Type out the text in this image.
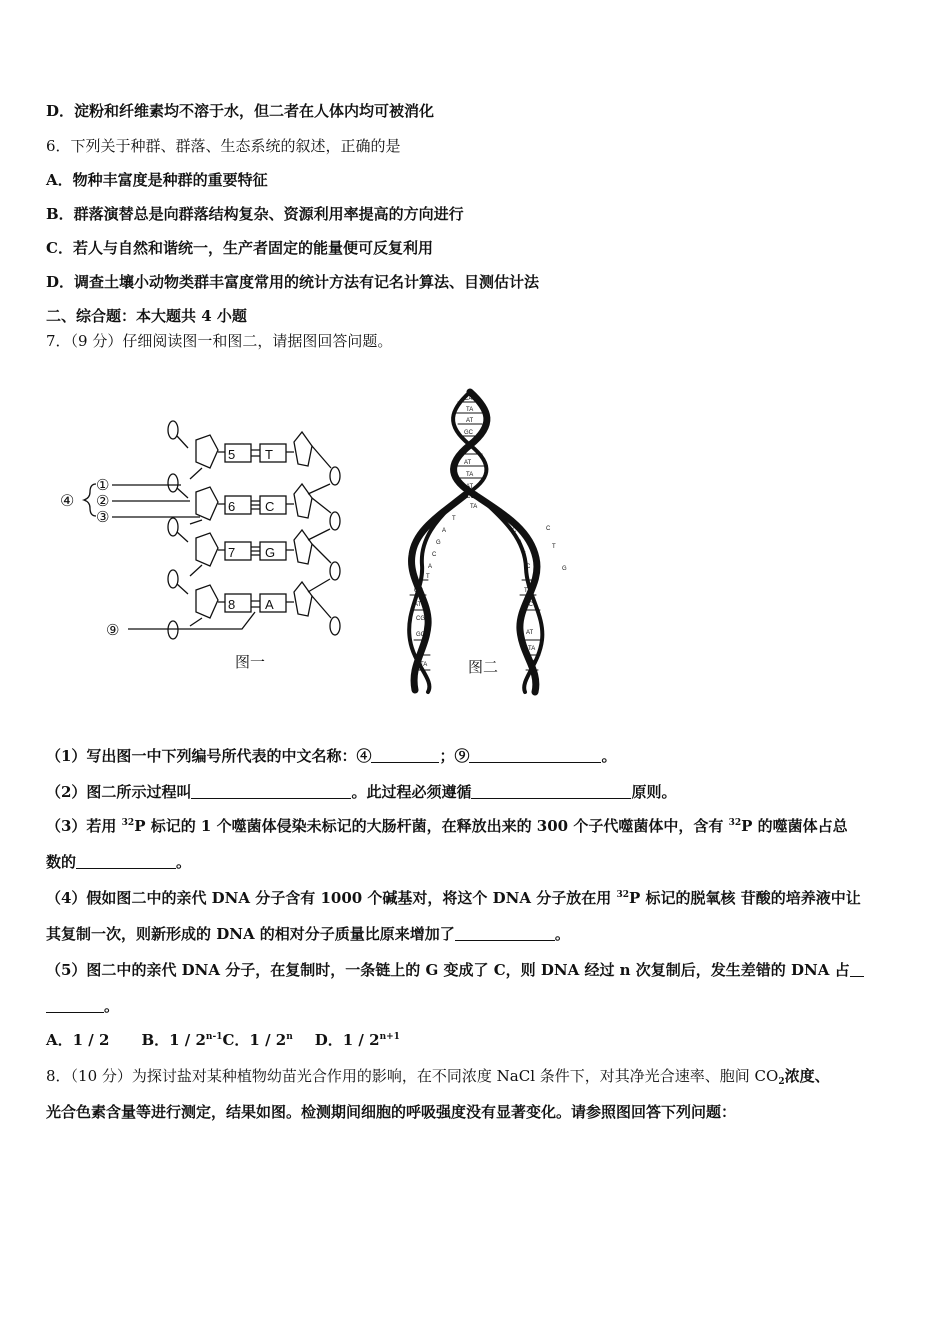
D．淀粉和纤维素均不溶于水，但二者在人体内均可被消化
6．下列关于种群、群落、生态系统的叙述，正确的是
A．物种丰富度是种群的重要特征
B．群落演替总是向群落结构复杂、资源利用率提高的方向进行
C．若人与自然和谐统一，生产者固定的能量便可反复利用
D．调查土壤小动物类群丰富度常用的统计方法有记名计算法、目测估计法
二、综合题：本大题共 4 小题
7．（9 分）仔细阅读图一和图二，请据图回答问题。
5
6
7
8
T
C
G
A
④
①
②
③
⑨
图一
CA
TA
AT
GC
AT
TA
AT
CG
TA
T
A
G
C
A
T
G
C
A
T
C	G
A
C
T
GC
AT
CG
GC
TA
TA
GC
AT
TA
CG
图二
（1）写出图一中下列编号所代表的中文名称：④	；⑨	。
（2）图二所示过程叫	。此过程必须遵循	原则。
（3）若用 $^{32}$P 标记的 1 个噬菌体侵染未标记的大肠杆菌，在释放出来的 300 个子代噬菌体中，含有 $^{32}$P 的噬菌体占总
数的	。
（4）假如图二中的亲代 DNA 分子含有 1000 个碱基对，将这个 DNA 分子放在用 $^{32}$P 标记的脱氧核 苷酸的培养液中让
其复制一次，则新形成的 DNA 的相对分子质量比原来增加了	。
（5）图二中的亲代 DNA 分子，在复制时，一条链上的 G 变成了 C，则 DNA 经过 n 次复制后，发生差错的 DNA 占
。
A．1 / 2 B．1 / 2$^{n-1}$C．1 / 2$^n$ D．$1 / 2^{n+1}$
8．（10 分）为探讨盐对某种植物幼苗光合作用的影响，在不同浓度 NaCl 条件下，对其净光合速率、胞间 $CO_2$浓度、
光合色素含量等进行测定，结果如图。检测期间细胞的呼吸强度没有显著变化。请参照图回答下列问题：
